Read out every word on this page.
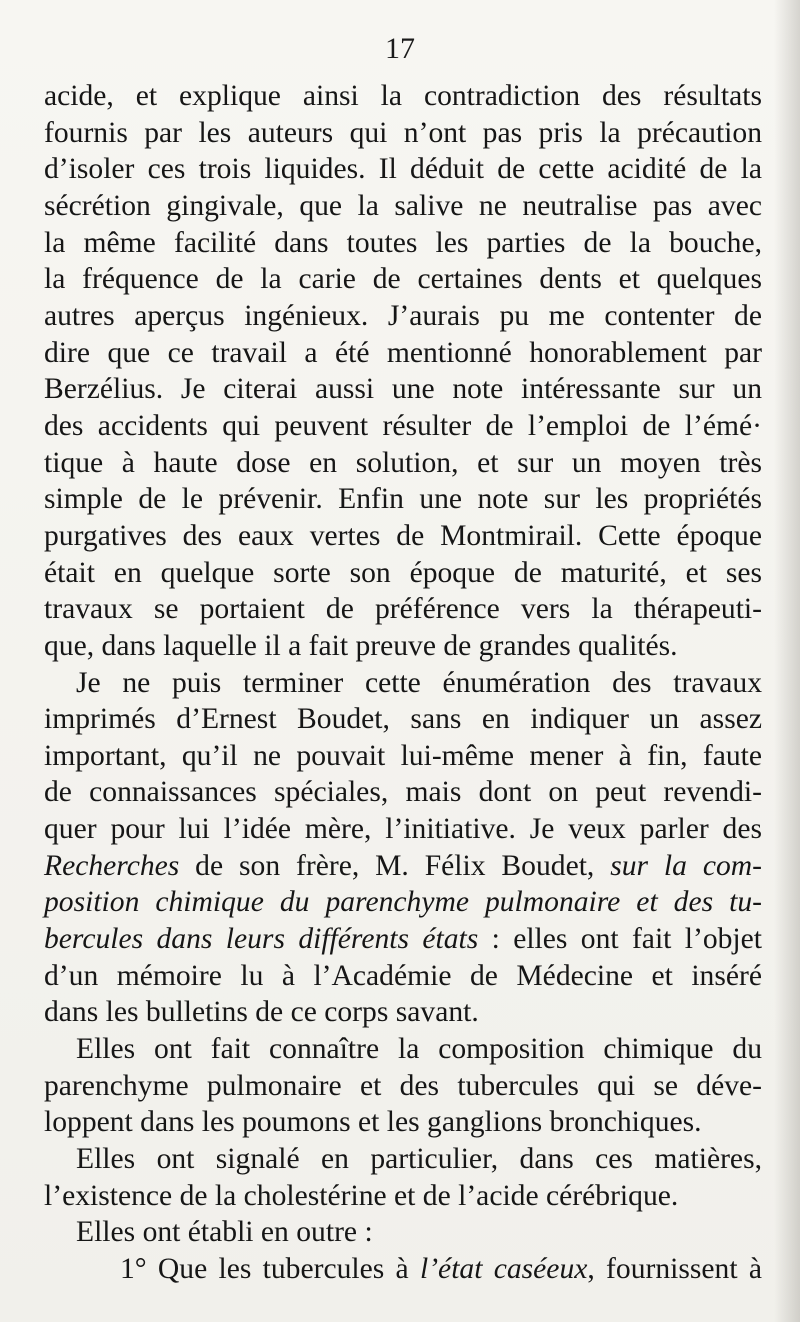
17
acide, et explique ainsi la contradiction des résultats
fournis par les auteurs qui n’ont pas pris la précaution
d’isoler ces trois liquides. Il déduit de cette acidité de la
sécrétion gingivale, que la salive ne neutralise pas avec
la même facilité dans toutes les parties de la bouche,
la fréquence de la carie de certaines dents et quelques
autres aperçus ingénieux. J’aurais pu me contenter de
dire que ce travail a été mentionné honorablement par
Berzélius. Je citerai aussi une note intéressante sur un
des accidents qui peuvent résulter de l’emploi de l’émé·
tique à haute dose en solution, et sur un moyen très
simple de le prévenir. Enfin une note sur les propriétés
purgatives des eaux vertes de Montmirail. Cette époque
était en quelque sorte son époque de maturité, et ses
travaux se portaient de préférence vers la thérapeuti-
que, dans laquelle il a fait preuve de grandes qualités.
Je ne puis terminer cette énumération des travaux
imprimés d’Ernest Boudet, sans en indiquer un assez
important, qu’il ne pouvait lui-même mener à fin, faute
de connaissances spéciales, mais dont on peut revendi-
quer pour lui l’idée mère, l’initiative. Je veux parler des
Recherches de son frère, M. Félix Boudet, sur la com-
position chimique du parenchyme pulmonaire et des tu-
bercules dans leurs différents états : elles ont fait l’objet
d’un mémoire lu à l’Académie de Médecine et inséré
dans les bulletins de ce corps savant.
Elles ont fait connaître la composition chimique du
parenchyme pulmonaire et des tubercules qui se déve-
loppent dans les poumons et les ganglions bronchiques.
Elles ont signalé en particulier, dans ces matières,
l’existence de la cholestérine et de l’acide cérébrique.
Elles ont établi en outre :
1° Que les tubercules à l’état caséeux, fournissent à
